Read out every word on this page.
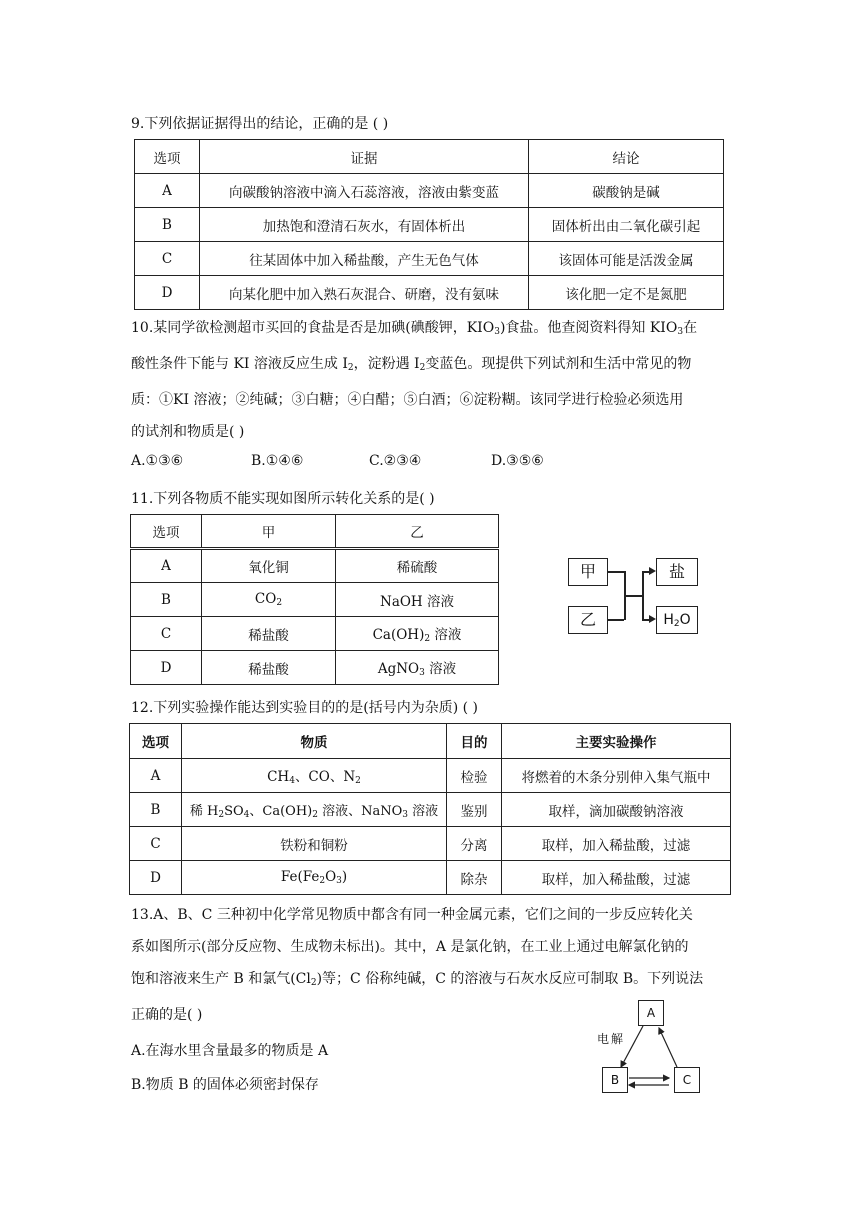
9.下列依据证据得出的结论，正确的是 ( )
选项	证据	结论
A	向碳酸钠溶液中滴入石蕊溶液，溶液由紫变蓝	碳酸钠是碱
B	加热饱和澄清石灰水，有固体析出	固体析出由二氧化碳引起
C	往某固体中加入稀盐酸，产生无色气体	该固体可能是活泼金属
D	向某化肥中加入熟石灰混合、研磨，没有氨味	该化肥一定不是氮肥
10.某同学欲检测超市买回的食盐是否是加碘(碘酸钾，$KIO_3$)食盐。他查阅资料得知 $KIO_3$在
酸性条件下能与 KI 溶液反应生成 $I_2$，淀粉遇 $I_2$变蓝色。现提供下列试剂和生活中常见的物
质：①KI 溶液；②纯碱；③白糖；④白醋；⑤白酒；⑥淀粉糊。该同学进行检验必须选用
的试剂和物质是( )
A.①③⑥	B.①④⑥	C.②③④	D.③⑤⑥
11.下列各物质不能实现如图所示转化关系的是( )
选项	甲	乙
A	氧化铜	稀硫酸
B	$CO_2$	NaOH 溶液
C	稀盐酸	$Ca(OH)_2$ 溶液
D	稀盐酸	AgNO$_3$ 溶液
甲
乙
盐
$H_2O$
12.下列实验操作能达到实验目的的是(括号内为杂质) ( )
选项	物质	目的	主要实验操作
A	$CH_4$、CO、$N_2$	检验	将燃着的木条分别伸入集气瓶中
B	稀 $H_2SO_4$、$Ca(OH)_2$ 溶液、NaNO$_3$ 溶液	鉴别	取样，滴加碳酸钠溶液
C	铁粉和铜粉	分离	取样，加入稀盐酸，过滤
D	$Fe(Fe_2O_3)$	除杂	取样，加入稀盐酸，过滤
13.A、B、C 三种初中化学常见物质中都含有同一种金属元素，它们之间的一步反应转化关
系如图所示(部分反应物、生成物未标出)。其中，A 是氯化钠，在工业上通过电解氯化钠的
饱和溶液来生产 B 和氯气$(Cl_2)$等；C 俗称纯碱，C 的溶液与石灰水反应可制取 B。下列说法
正确的是( )
A.在海水里含量最多的物质是 A
B.物质 B 的固体必须密封保存
A
B	C
电解
